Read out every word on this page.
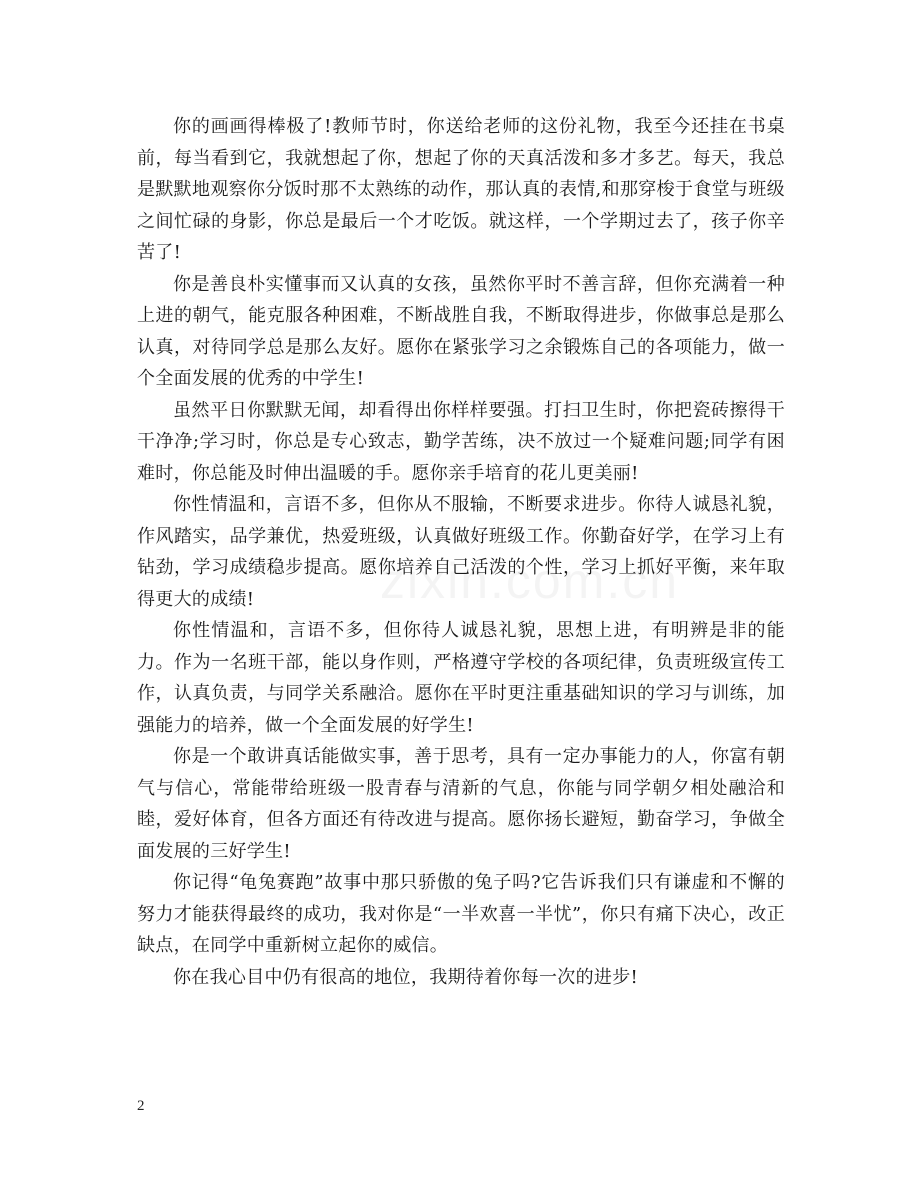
你的画画得棒极了!教师节时，你送给老师的这份礼物，我至今还挂在书桌前，每当看到它，我就想起了你，想起了你的天真活泼和多才多艺。每天，我总是默默地观察你分饭时那不太熟练的动作，那认真的表情,和那穿梭于食堂与班级之间忙碌的身影，你总是最后一个才吃饭。就这样，一个学期过去了，孩子你辛苦了!

你是善良朴实懂事而又认真的女孩，虽然你平时不善言辞，但你充满着一种上进的朝气，能克服各种困难，不断战胜自我，不断取得进步，你做事总是那么认真，对待同学总是那么友好。愿你在紧张学习之余锻炼自己的各项能力，做一个全面发展的优秀的中学生!

虽然平日你默默无闻，却看得出你样样要强。打扫卫生时，你把瓷砖擦得干干净净;学习时，你总是专心致志，勤学苦练，决不放过一个疑难问题;同学有困难时，你总能及时伸出温暖的手。愿你亲手培育的花儿更美丽!

你性情温和，言语不多，但你从不服输，不断要求进步。你待人诚恳礼貌，作风踏实，品学兼优，热爱班级，认真做好班级工作。你勤奋好学，在学习上有钻劲，学习成绩稳步提高。愿你培养自己活泼的个性，学习上抓好平衡，来年取得更大的成绩!

你性情温和，言语不多，但你待人诚恳礼貌，思想上进，有明辨是非的能力。作为一名班干部，能以身作则，严格遵守学校的各项纪律，负责班级宣传工作，认真负责，与同学关系融洽。愿你在平时更注重基础知识的学习与训练，加强能力的培养，做一个全面发展的好学生!

你是一个敢讲真话能做实事，善于思考，具有一定办事能力的人，你富有朝气与信心，常能带给班级一股青春与清新的气息，你能与同学朝夕相处融洽和睦，爱好体育，但各方面还有待改进与提高。愿你扬长避短，勤奋学习，争做全面发展的三好学生!

你记得“龟兔赛跑”故事中那只骄傲的兔子吗?它告诉我们只有谦虚和不懈的努力才能获得最终的成功，我对你是“一半欢喜一半忧”，你只有痛下决心，改正缺点，在同学中重新树立起你的威信。

你在我心目中仍有很高的地位，我期待着你每一次的进步!

2
